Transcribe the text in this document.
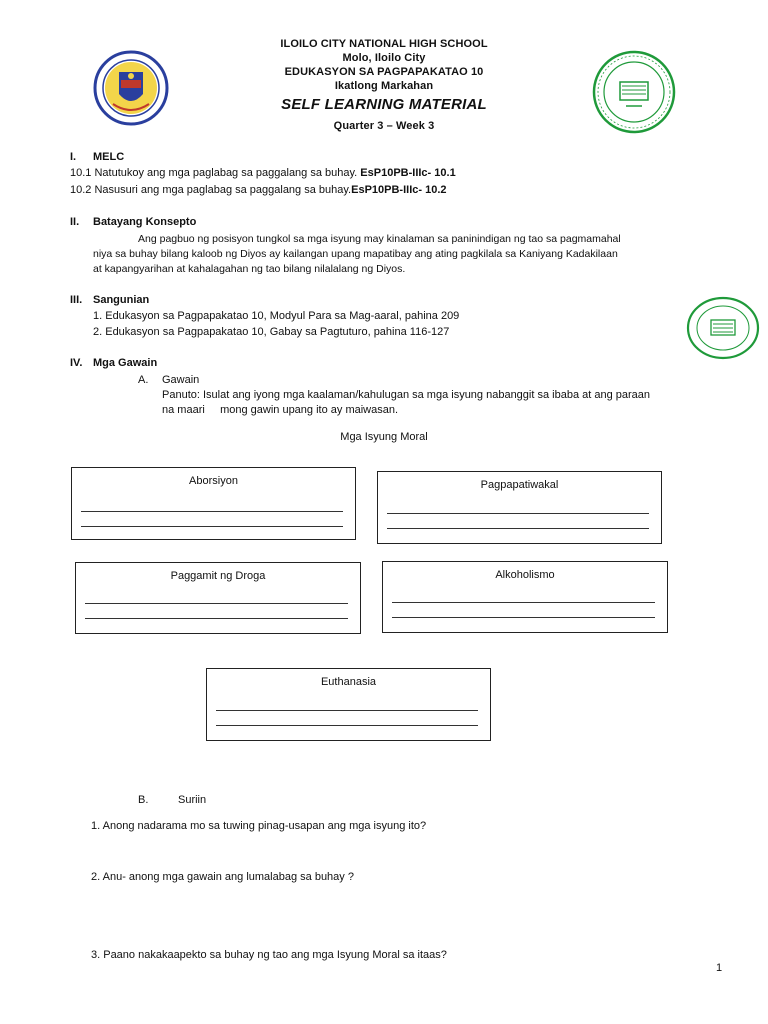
ILOILO CITY NATIONAL HIGH SCHOOL
Molo, Iloilo City
EDUKASYON SA PAGPAPAKATAO 10
Ikatlong Markahan
SELF LEARNING MATERIAL
Quarter 3 – Week 3
I. MELC
10.1 Natutukoy ang mga paglabag sa paggalang sa buhay. EsP10PB-IIIc- 10.1
10.2 Nasusuri ang mga paglabag sa paggalang sa buhay.EsP10PB-IIIc- 10.2
II. Batayang Konsepto
Ang pagbuo ng posisyon tungkol sa mga isyung may kinalaman sa paninindigan ng tao sa pagmamahal
niya sa buhay bilang kaloob ng Diyos ay kailangan upang mapatibay ang ating pagkilala sa Kaniyang Kadakilaan
at kapangyarihan at kahalagahan ng tao bilang nilalalang ng Diyos.
III. Sangunian
1. Edukasyon sa Pagpapakatao 10, Modyul Para sa Mag-aaral, pahina 209
2. Edukasyon sa Pagpapakatao 10, Gabay sa Pagtuturo, pahina 116-127
IV. Mga Gawain
A. Gawain
Panuto: Isulat ang iyong mga kaalaman/kahulugan sa mga isyung nabanggit sa ibaba at ang paraan
na maari     mong gawin upang ito ay maiwasan.
Mga Isyung Moral
Aborsiyon	Pagpapatiwakal
Paggamit ng Droga	Alkoholismo
Euthanasia
B.	Suriin
1. Anong nadarama mo sa tuwing pinag-usapan ang mga isyung ito?
2. Anu- anong mga gawain ang lumalabag sa buhay ?
3. Paano nakakaapekto sa buhay ng tao ang mga Isyung Moral sa itaas?
1
